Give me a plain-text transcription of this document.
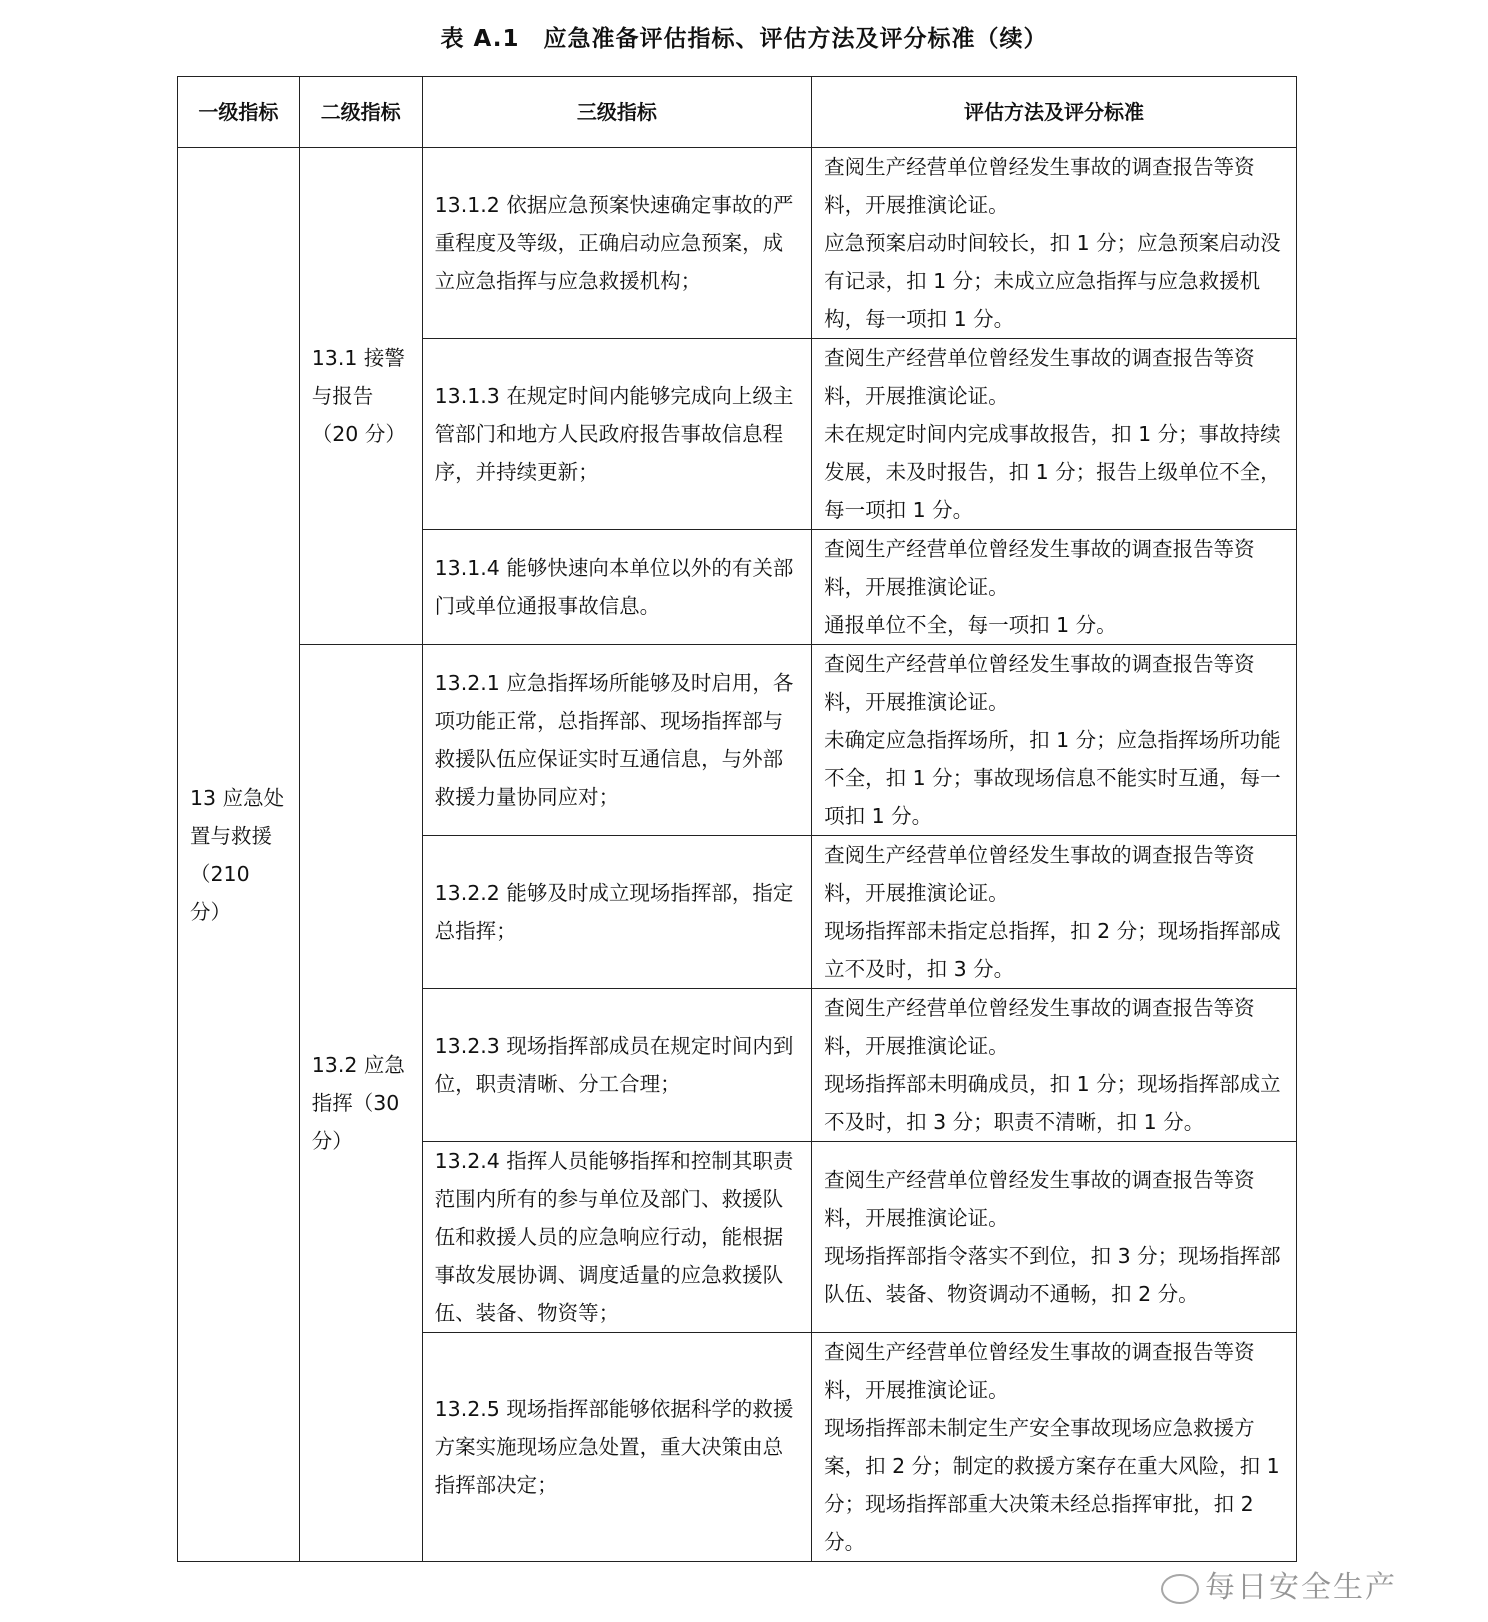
表 A.1　应急准备评估指标、评估方法及评分标准（续）
一级指标	二级指标	三级指标	评估方法及评分标准
13 应急处置与救援（210 分）	13.1 接警与报告（20 分）	13.1.2 依据应急预案快速确定事故的严重程度及等级，正确启动应急预案，成立应急指挥与应急救援机构；	查阅生产经营单位曾经发生事故的调查报告等资料，开展推演论证。
应急预案启动时间较长，扣 1 分；应急预案启动没有记录，扣 1 分；未成立应急指挥与应急救援机构，每一项扣 1 分。

		13.1.3 在规定时间内能够完成向上级主管部门和地方人民政府报告事故信息程序，并持续更新；	查阅生产经营单位曾经发生事故的调查报告等资料，开展推演论证。
未在规定时间内完成事故报告，扣 1 分；事故持续发展，未及时报告，扣 1 分；报告上级单位不全，每一项扣 1 分。

		13.1.4 能够快速向本单位以外的有关部门或单位通报事故信息。	查阅生产经营单位曾经发生事故的调查报告等资料，开展推演论证。
通报单位不全，每一项扣 1 分。

	13.2 应急指挥（30 分）	13.2.1 应急指挥场所能够及时启用，各项功能正常，总指挥部、现场指挥部与救援队伍应保证实时互通信息，与外部救援力量协同应对；	查阅生产经营单位曾经发生事故的调查报告等资料，开展推演论证。
未确定应急指挥场所，扣 1 分；应急指挥场所功能不全，扣 1 分；事故现场信息不能实时互通，每一项扣 1 分。

		13.2.2 能够及时成立现场指挥部，指定总指挥；	查阅生产经营单位曾经发生事故的调查报告等资料，开展推演论证。
现场指挥部未指定总指挥，扣 2 分；现场指挥部成立不及时，扣 3 分。

		13.2.3 现场指挥部成员在规定时间内到位，职责清晰、分工合理；	查阅生产经营单位曾经发生事故的调查报告等资料，开展推演论证。
现场指挥部未明确成员，扣 1 分；现场指挥部成立不及时，扣 3 分；职责不清晰，扣 1 分。

		13.2.4 指挥人员能够指挥和控制其职责范围内所有的参与单位及部门、救援队伍和救援人员的应急响应行动，能根据事故发展协调、调度适量的应急救援队伍、装备、物资等；	查阅生产经营单位曾经发生事故的调查报告等资料，开展推演论证。
现场指挥部指令落实不到位，扣 3 分；现场指挥部队伍、装备、物资调动不通畅，扣 2 分。

		13.2.5 现场指挥部能够依据科学的救援方案实施现场应急处置，重大决策由总指挥部决定；	查阅生产经营单位曾经发生事故的调查报告等资料，开展推演论证。
现场指挥部未制定生产安全事故现场应急救援方案，扣 2 分；制定的救援方案存在重大风险，扣 1 分；现场指挥部重大决策未经总指挥审批，扣 2 分。
每日安全生产
